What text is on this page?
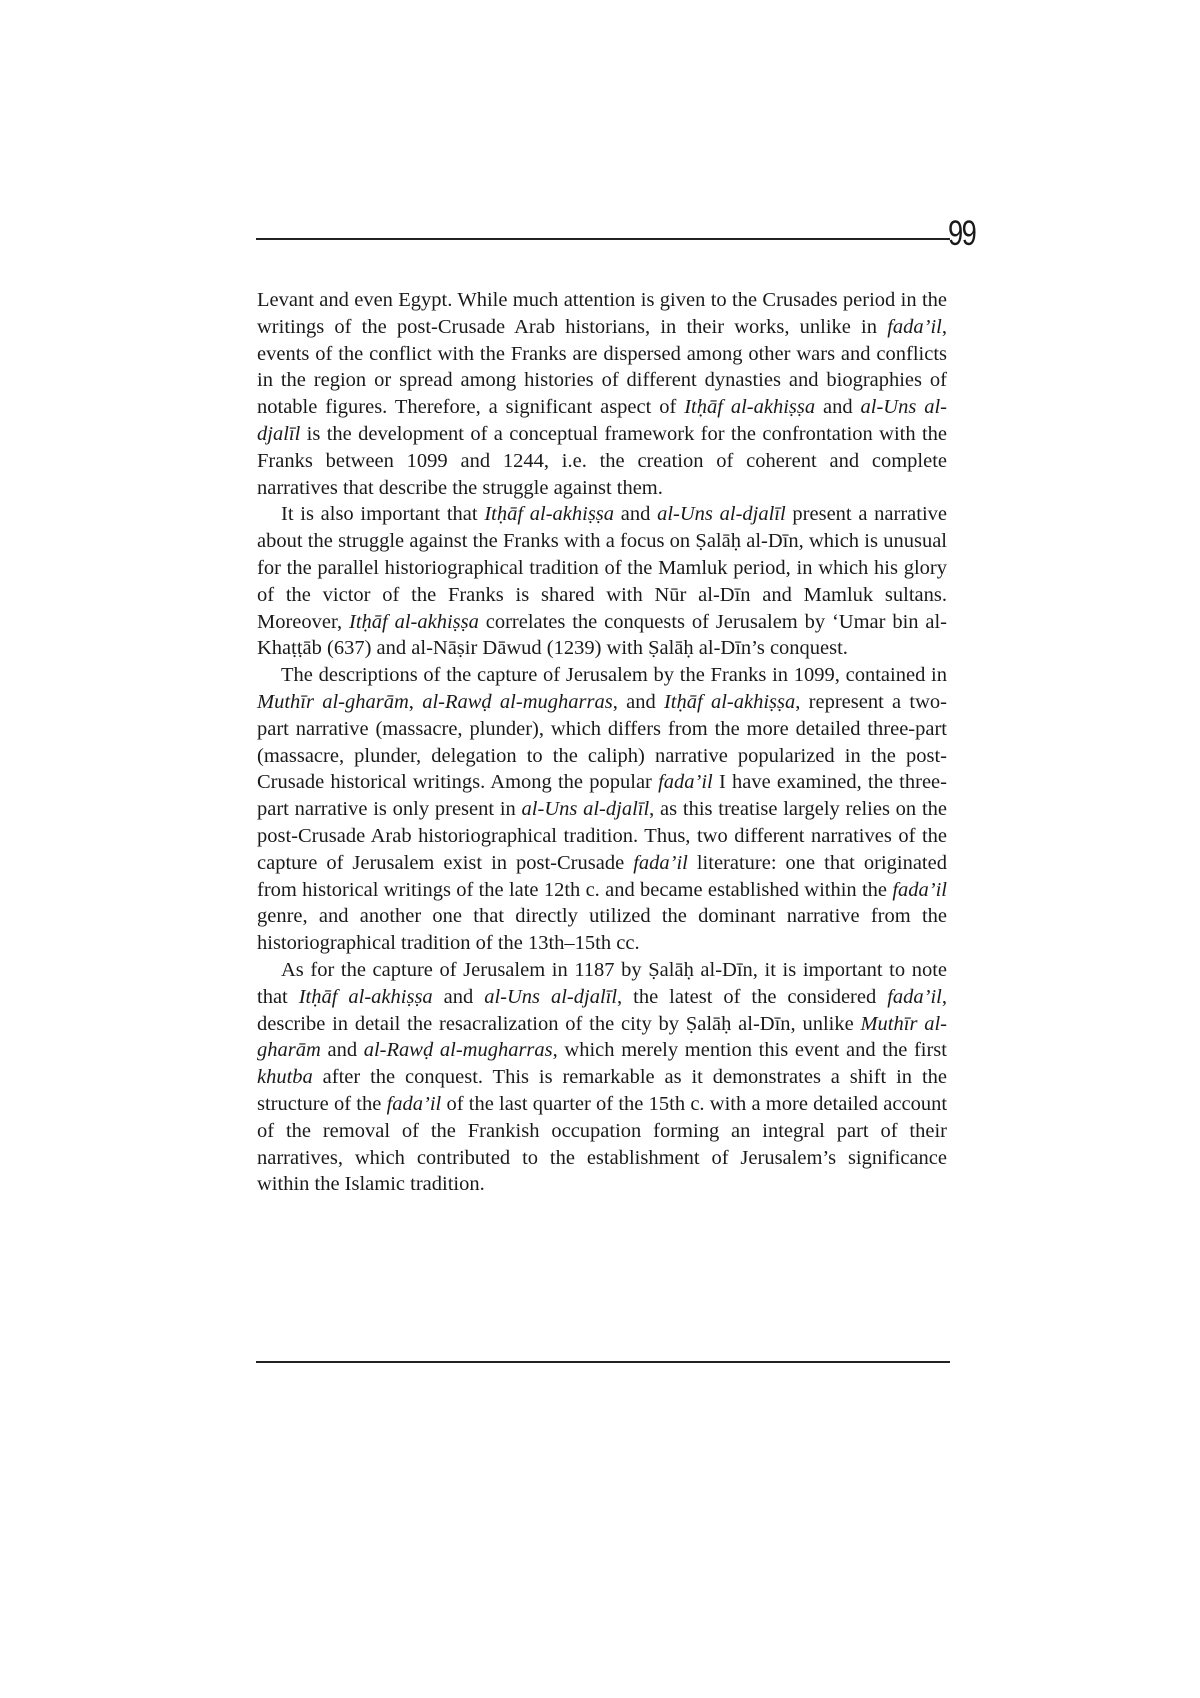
99

Levant and even Egypt. While much attention is given to the Crusades period in the writings of the post-Crusade Arab historians, in their works, unlike in fada’il, events of the conflict with the Franks are dispersed among other wars and conflicts in the region or spread among histories of different dynasties and biographies of notable figures. Therefore, a significant aspect of Itḥāf al-akhiṣṣa and al-Uns al-djalīl is the development of a conceptual framework for the confrontation with the Franks between 1099 and 1244, i.e. the creation of coherent and complete narratives that describe the struggle against them.

It is also important that Itḥāf al-akhiṣṣa and al-Uns al-djalīl present a narrative about the struggle against the Franks with a focus on Ṣalāḥ al-Dīn, which is unusual for the parallel historiographical tradition of the Mamluk period, in which his glory of the victor of the Franks is shared with Nūr al-Dīn and Mamluk sultans. Moreover, Itḥāf al-akhiṣṣa correlates the conquests of Jerusalem by ‘Umar bin al-Khaṭṭāb (637) and al-Nāṣir Dāwud (1239) with Ṣalāḥ al-Dīn’s conquest.

The descriptions of the capture of Jerusalem by the Franks in 1099, contained in Muthīr al-gharām, al-Rawḍ al-mugharras, and Itḥāf al-akhiṣṣa, represent a two-part narrative (massacre, plunder), which differs from the more detailed three-part (massacre, plunder, delegation to the caliph) narrative popularized in the post-Crusade historical writings. Among the popular fada’il I have examined, the three-part narrative is only present in al-Uns al-djalīl, as this treatise largely relies on the post-Crusade Arab historiographical tradition. Thus, two different narratives of the capture of Jerusalem exist in post-Crusade fada’il literature: one that originated from historical writings of the late 12th c. and became established within the fada’il genre, and another one that directly utilized the dominant narrative from the historiographical tradition of the 13th–15th cc.

As for the capture of Jerusalem in 1187 by Ṣalāḥ al-Dīn, it is important to note that Itḥāf al-akhiṣṣa and al-Uns al-djalīl, the latest of the considered fada’il, describe in detail the resacralization of the city by Ṣalāḥ al-Dīn, unlike Muthīr al-gharām and al-Rawḍ al-mugharras, which merely mention this event and the first khutba after the conquest. This is remarkable as it demonstrates a shift in the structure of the fada’il of the last quarter of the 15th c. with a more detailed account of the removal of the Frankish occupation forming an integral part of their narratives, which contributed to the establishment of Jerusalem’s significance within the Islamic tradition.
